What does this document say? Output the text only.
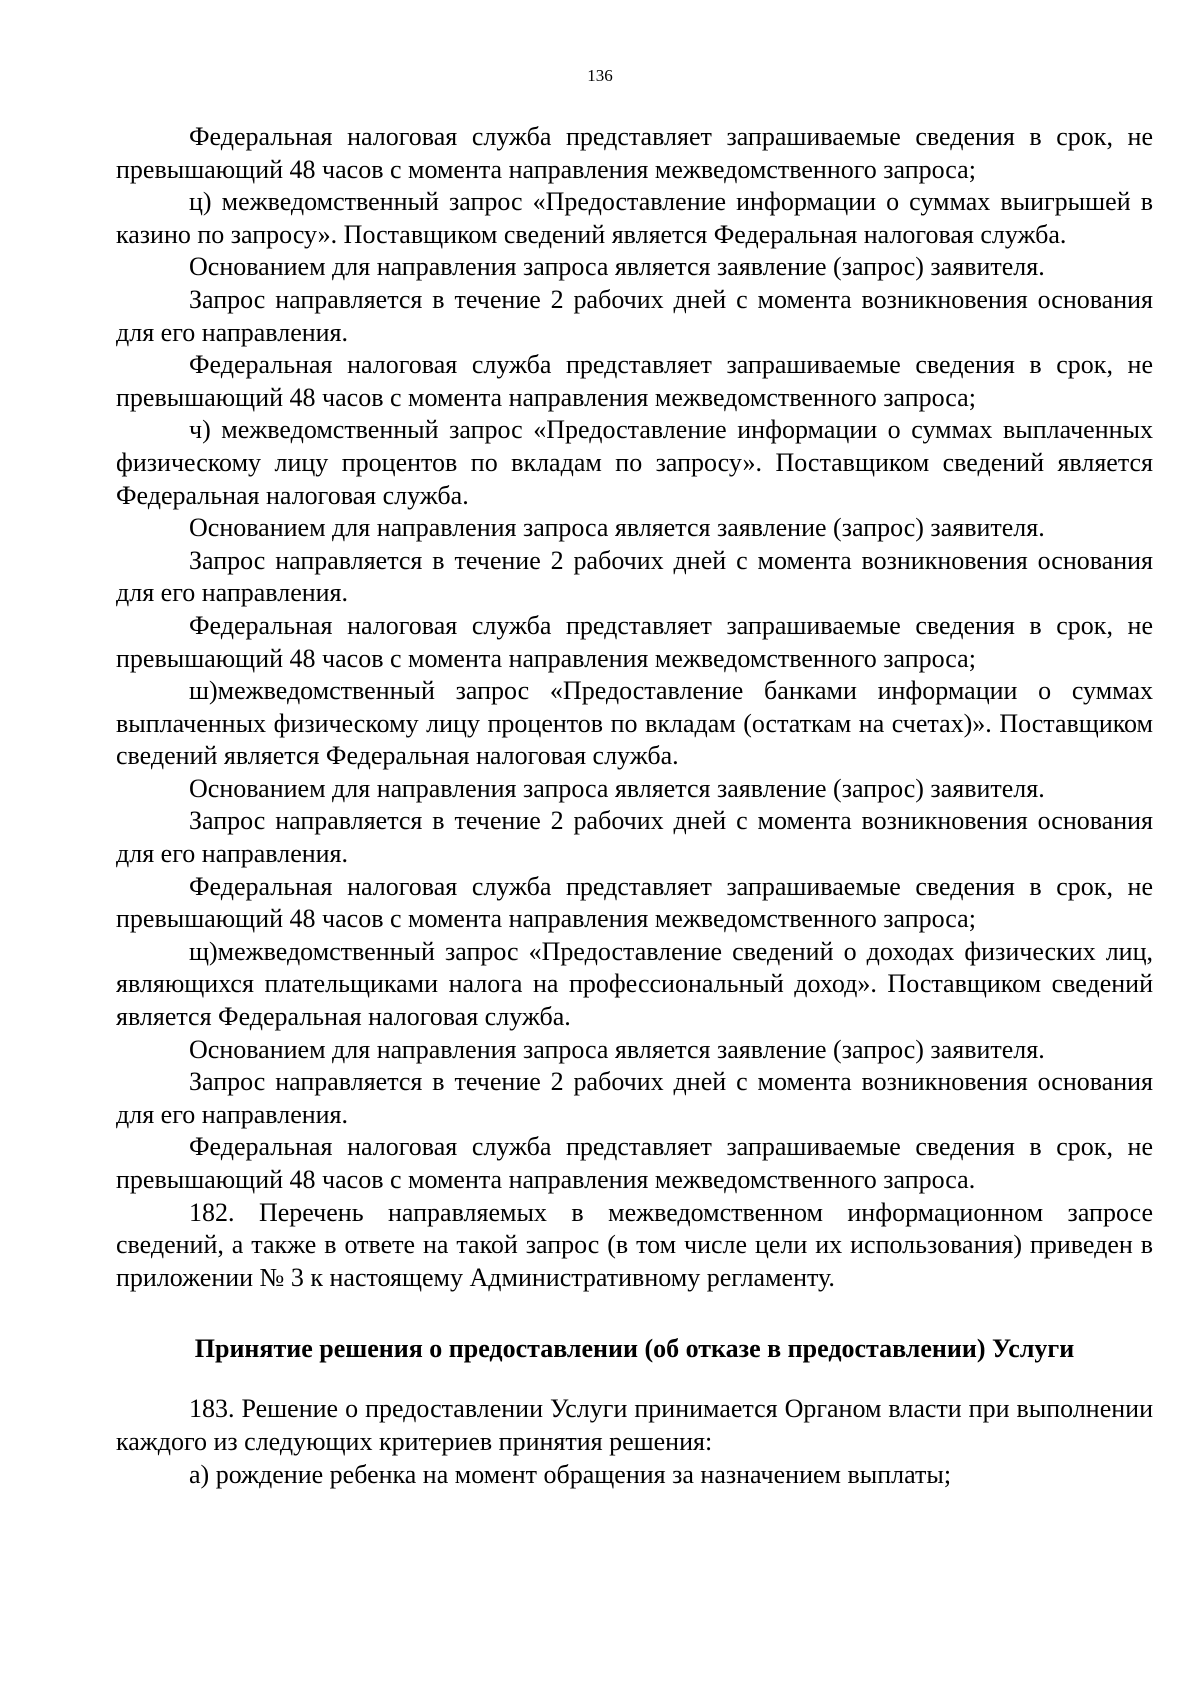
136

Федеральная налоговая служба представляет запрашиваемые сведения в срок, не превышающий 48 часов с момента направления межведомственного запроса;

ц) межведомственный запрос «Предоставление информации о суммах выигрышей в казино по запросу». Поставщиком сведений является Федеральная налоговая служба.

Основанием для направления запроса является заявление (запрос) заявителя.

Запрос направляется в течение 2 рабочих дней с момента возникновения основания для его направления.

Федеральная налоговая служба представляет запрашиваемые сведения в срок, не превышающий 48 часов с момента направления межведомственного запроса;

ч) межведомственный запрос «Предоставление информации о суммах выплаченных физическому лицу процентов по вкладам по запросу». Поставщиком сведений является Федеральная налоговая служба.

Основанием для направления запроса является заявление (запрос) заявителя.

Запрос направляется в течение 2 рабочих дней с момента возникновения основания для его направления.

Федеральная налоговая служба представляет запрашиваемые сведения в срок, не превышающий 48 часов с момента направления межведомственного запроса;

ш)межведомственный запрос «Предоставление банками информации о суммах выплаченных физическому лицу процентов по вкладам (остаткам на счетах)». Поставщиком сведений является Федеральная налоговая служба.

Основанием для направления запроса является заявление (запрос) заявителя.

Запрос направляется в течение 2 рабочих дней с момента возникновения основания для его направления.

Федеральная налоговая служба представляет запрашиваемые сведения в срок, не превышающий 48 часов с момента направления межведомственного запроса;

щ)межведомственный запрос «Предоставление сведений о доходах физических лиц, являющихся плательщиками налога на профессиональный доход». Поставщиком сведений является Федеральная налоговая служба.

Основанием для направления запроса является заявление (запрос) заявителя.

Запрос направляется в течение 2 рабочих дней с момента возникновения основания для его направления.

Федеральная налоговая служба представляет запрашиваемые сведения в срок, не превышающий 48 часов с момента направления межведомственного запроса.

182. Перечень направляемых в межведомственном информационном запросе сведений, а также в ответе на такой запрос (в том числе цели их использования) приведен в приложении № 3 к настоящему Административному регламенту.

Принятие решения о предоставлении (об отказе в предоставлении) Услуги

183. Решение о предоставлении Услуги принимается Органом власти при выполнении каждого из следующих критериев принятия решения:

а) рождение ребенка на момент обращения за назначением выплаты;
